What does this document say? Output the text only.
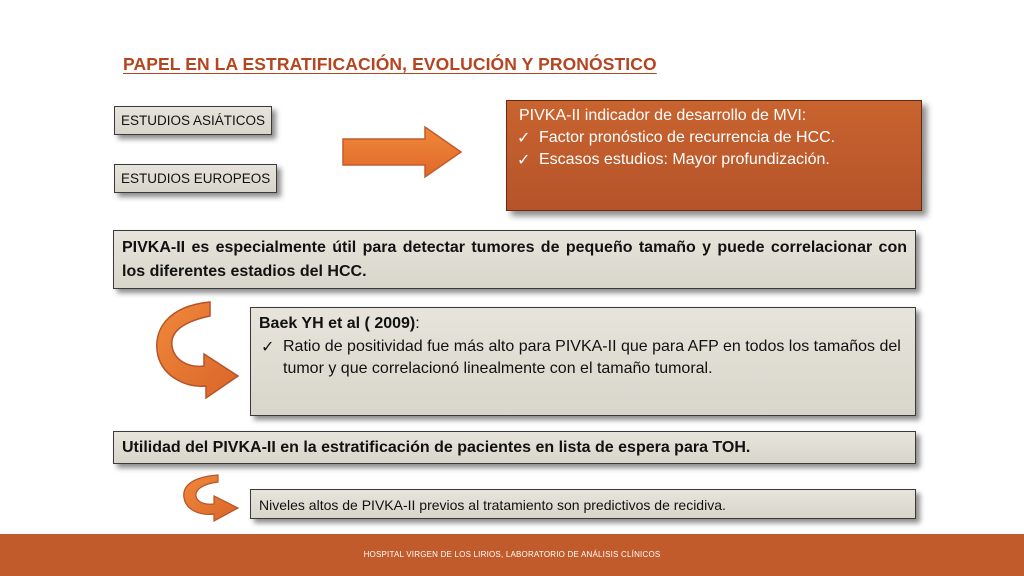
PAPEL EN LA ESTRATIFICACIÓN, EVOLUCIÓN Y PRONÓSTICO
ESTUDIOS ASIÁTICOS
ESTUDIOS EUROPEOS
PIVKA-II indicador de desarrollo de MVI:
✓ Factor pronóstico de recurrencia de HCC.
✓ Escasos estudios: Mayor profundización.
PIVKA-II es especialmente útil para detectar tumores de pequeño tamaño y puede correlacionar con los diferentes estadios del HCC.
Baek YH et al ( 2009):
✓ Ratio de positividad fue más alto para PIVKA-II que para AFP en todos los tamaños del tumor y que correlacionó linealmente con el tamaño tumoral.
Utilidad del PIVKA-II en la estratificación de pacientes en lista de espera para TOH.
Niveles altos de PIVKA-II previos al tratamiento son predictivos de recidiva.
HOSPITAL VIRGEN DE LOS LIRIOS, LABORATORIO DE ANÁLISIS CLÍNICOS
